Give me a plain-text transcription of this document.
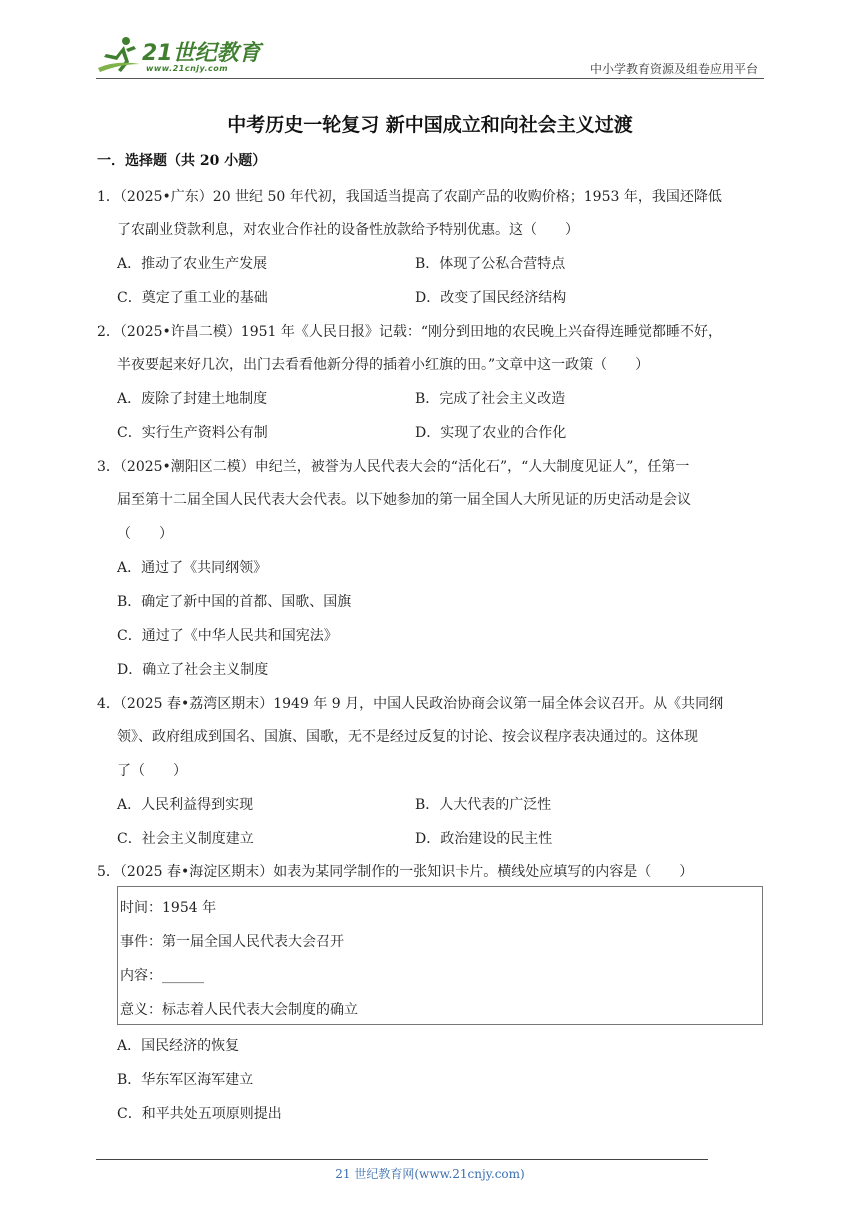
21世纪教育
www.21cnjy.com	中小学教育资源及组卷应用平台
中考历史一轮复习 新中国成立和向社会主义过渡
一．选择题（共 20 小题）
1．（2025•广东）20 世纪 50 年代初，我国适当提高了农副产品的收购价格；1953 年，我国还降低
了农副业贷款利息，对农业合作社的设备性放款给予特别优惠。这（　　）
A．推动了农业生产发展	B．体现了公私合营特点
C．奠定了重工业的基础	D．改变了国民经济结构
2．（2025•许昌二模）1951 年《人民日报》记载：“刚分到田地的农民晚上兴奋得连睡觉都睡不好，
半夜要起来好几次，出门去看看他新分得的插着小红旗的田。”文章中这一政策（　　）
A．废除了封建土地制度	B．完成了社会主义改造
C．实行生产资料公有制	D．实现了农业的合作化
3．（2025•潮阳区二模）申纪兰，被誉为人民代表大会的“活化石”，“人大制度见证人”，任第一
届至第十二届全国人民代表大会代表。以下她参加的第一届全国人大所见证的历史活动是会议
（　　）
A．通过了《共同纲领》
B．确定了新中国的首都、国歌、国旗
C．通过了《中华人民共和国宪法》
D．确立了社会主义制度
4．（2025 春•荔湾区期末）1949 年 9 月，中国人民政治协商会议第一届全体会议召开。从《共同纲
领》、政府组成到国名、国旗、国歌，无不是经过反复的讨论、按会议程序表决通过的。这体现
了（　　）
A．人民利益得到实现	B．人大代表的广泛性
C．社会主义制度建立	D．政治建设的民主性
5．（2025 春•海淀区期末）如表为某同学制作的一张知识卡片。横线处应填写的内容是（　　）
时间：1954 年
事件：第一届全国人民代表大会召开
内容：______
意义：标志着人民代表大会制度的确立
A．国民经济的恢复
B．华东军区海军建立
C．和平共处五项原则提出
21 世纪教育网(www.21cnjy.com)
